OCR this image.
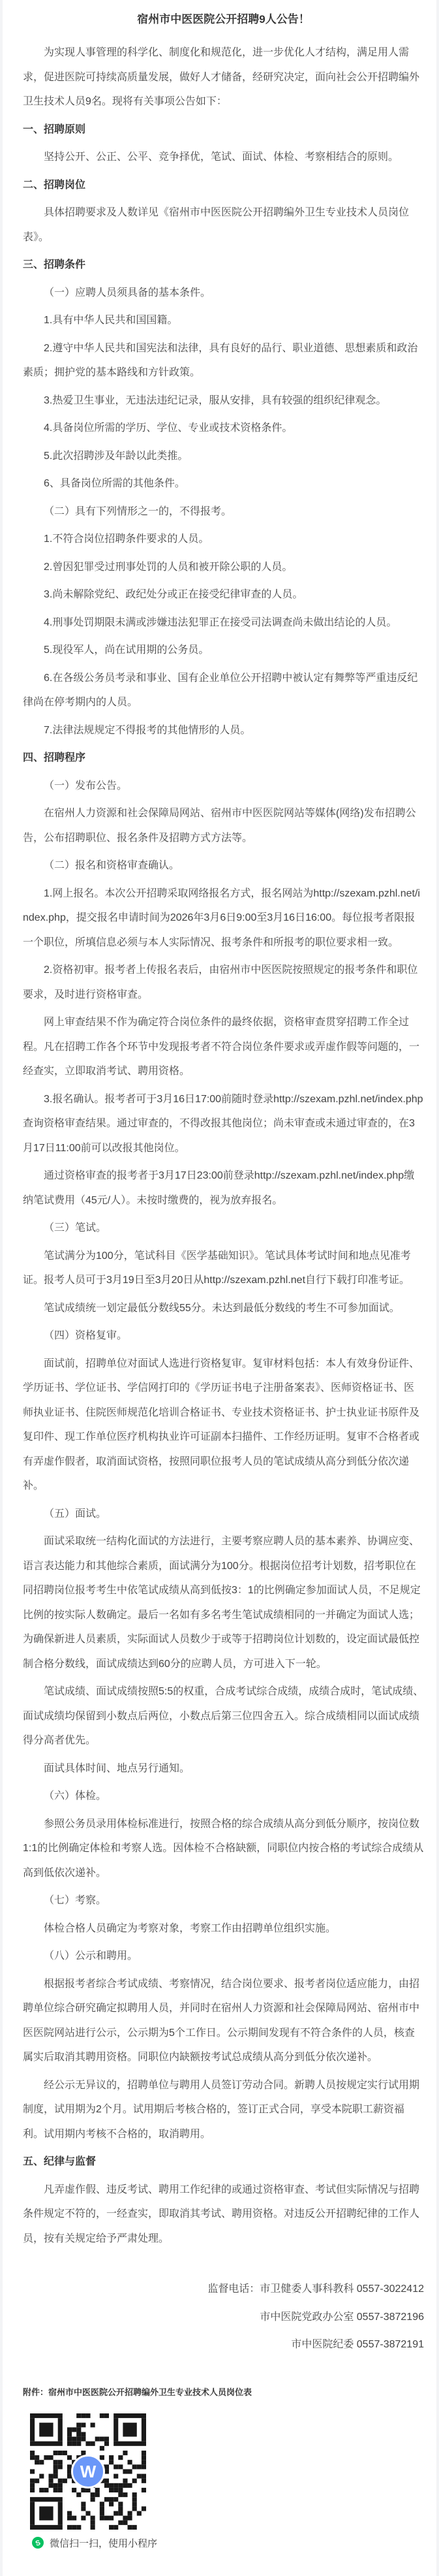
宿州市中医医院公开招聘9人公告！

为实现人事管理的科学化、制度化和规范化，进一步优化人才结构，满足用人需求，促进医院可持续高质量发展，做好人才储备，经研究决定，面向社会公开招聘编外卫生技术人员9名。现将有关事项公告如下：

一、招聘原则

坚持公开、公正、公平、竞争择优，笔试、面试、体检、考察相结合的原则。

二、招聘岗位

具体招聘要求及人数详见《宿州市中医医院公开招聘编外卫生专业技术人员岗位表》。

三、招聘条件

（一）应聘人员须具备的基本条件。

1.具有中华人民共和国国籍。

2.遵守中华人民共和国宪法和法律，具有良好的品行、职业道德、思想素质和政治素质；拥护党的基本路线和方针政策。

3.热爱卫生事业，无违法违纪记录，服从安排，具有较强的组织纪律观念。

4.具备岗位所需的学历、学位、专业或技术资格条件。

5.此次招聘涉及年龄以此类推。

6、具备岗位所需的其他条件。

（二）具有下列情形之一的，不得报考。

1.不符合岗位招聘条件要求的人员。

2.曾因犯罪受过刑事处罚的人员和被开除公职的人员。

3.尚未解除党纪、政纪处分或正在接受纪律审查的人员。

4.刑事处罚期限未满或涉嫌违法犯罪正在接受司法调查尚未做出结论的人员。

5.现役军人，尚在试用期的公务员。

6.在各级公务员考录和事业、国有企业单位公开招聘中被认定有舞弊等严重违反纪律尚在停考期内的人员。

7.法律法规规定不得报考的其他情形的人员。

四、招聘程序

（一）发布公告。

在宿州人力资源和社会保障局网站、宿州市中医医院网站等媒体(网络)发布招聘公告，公布招聘职位、报名条件及招聘方式方法等。

（二）报名和资格审查确认。

1.网上报名。本次公开招聘采取网络报名方式，报名网站为http://szexam.pzhl.net/index.php，提交报名申请时间为2026年3月6日9:00至3月16日16:00。每位报考者限报一个职位，所填信息必须与本人实际情况、报考条件和所报考的职位要求相一致。

2.资格初审。报考者上传报名表后，由宿州市中医医院按照规定的报考条件和职位要求，及时进行资格审查。

网上审查结果不作为确定符合岗位条件的最终依据，资格审查贯穿招聘工作全过程。凡在招聘工作各个环节中发现报考者不符合岗位条件要求或弄虚作假等问题的，一经查实，立即取消考试、聘用资格。

3.报名确认。报考者可于3月16日17:00前随时登录http://szexam.pzhl.net/index.php查询资格审查结果。通过审查的，不得改报其他岗位；尚未审查或未通过审查的，在3月17日11:00前可以改报其他岗位。

通过资格审查的报考者于3月17日23:00前登录http://szexam.pzhl.net/index.php缴纳笔试费用（45元/人）。未按时缴费的，视为放弃报名。

（三）笔试。

笔试满分为100分，笔试科目《医学基础知识》。笔试具体考试时间和地点见准考证。报考人员可于3月19日至3月20日从http://szexam.pzhl.net自行下载打印准考证。

笔试成绩统一划定最低分数线55分。未达到最低分数线的考生不可参加面试。

（四）资格复审。

面试前，招聘单位对面试人选进行资格复审。复审材料包括：本人有效身份证件、学历证书、学位证书、学信网打印的《学历证书电子注册备案表》、医师资格证书、医师执业证书、住院医师规范化培训合格证书、专业技术资格证书、护士执业证书原件及复印件、现工作单位医疗机构执业许可证副本扫描件、工作经历证明。复审不合格者或有弄虚作假者，取消面试资格，按照同职位报考人员的笔试成绩从高分到低分依次递补。

（五）面试。

面试采取统一结构化面试的方法进行，主要考察应聘人员的基本素养、协调应变、语言表达能力和其他综合素质，面试满分为100分。根据岗位招考计划数，招考职位在同招聘岗位报考考生中依笔试成绩从高到低按3：1的比例确定参加面试人员，不足规定比例的按实际人数确定。最后一名如有多名考生笔试成绩相同的一并确定为面试人选；为确保新进人员素质，实际面试人员数少于或等于招聘岗位计划数的，设定面试最低控制合格分数线，面试成绩达到60分的应聘人员，方可进入下一轮。

笔试成绩、面试成绩按照5:5的权重，合成考试综合成绩，成绩合成时，笔试成绩、面试成绩均保留到小数点后两位，小数点后第三位四舍五入。综合成绩相同以面试成绩得分高者优先。

面试具体时间、地点另行通知。

（六）体检。

参照公务员录用体检标准进行，按照合格的综合成绩从高分到低分顺序，按岗位数1:1的比例确定体检和考察人选。因体检不合格缺额，同职位内按合格的考试综合成绩从高到低依次递补。

（七）考察。

体检合格人员确定为考察对象，考察工作由招聘单位组织实施。

（八）公示和聘用。

根据报考者综合考试成绩、考察情况，结合岗位要求、报考者岗位适应能力，由招聘单位综合研究确定拟聘用人员，并同时在宿州人力资源和社会保障局网站、宿州市中医医院网站进行公示，公示期为5个工作日。公示期间发现有不符合条件的人员，核查属实后取消其聘用资格。同职位内缺额按考试总成绩从高分到低分依次递补。

经公示无异议的，招聘单位与聘用人员签订劳动合同。新聘人员按规定实行试用期制度，试用期为2个月。试用期后考核合格的，签订正式合同，享受本院职工薪资福利。试用期内考核不合格的，取消聘用。

五、纪律与监督

凡弄虚作假、违反考试、聘用工作纪律的或通过资格审查、考试但实际情况与招聘条件规定不符的，一经查实，即取消其考试、聘用资格。对违反公开招聘纪律的工作人员，按有关规定给予严肃处理。

监督电话：市卫健委人事科教科 0557-3022412

市中医院党政办公室 0557-3872196

市中医院纪委 0557-3872191

附件：宿州市中医医院公开招聘编外卫生专业技术人员岗位表
W
S 微信扫一扫，使用小程序
